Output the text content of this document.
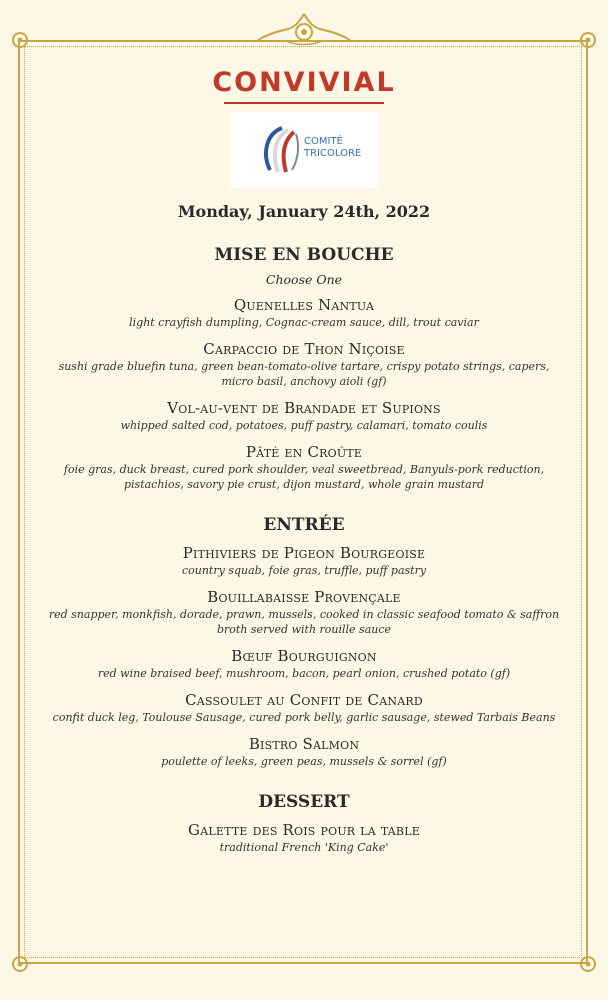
CONVIVIAL
COMITÉ
TRICOLORE
Monday, January 24th, 2022
MISE EN BOUCHE
Choose One
Quenelles Nantua
light crayfish dumpling, Cognac-cream sauce, dill, trout caviar
Carpaccio de Thon Niçoise
sushi grade bluefin tuna, green bean-tomato-olive tartare, crispy potato strings, capers, micro basil, anchovy aioli (gf)
Vol-au-vent de Brandade et Supions
whipped salted cod, potatoes, puff pastry, calamari, tomato coulis
Pâté en Croûte
foie gras, duck breast, cured pork shoulder, veal sweetbread, Banyuls-pork reduction, pistachios, savory pie crust, dijon mustard, whole grain mustard
ENTRÉE
Pithiviers de Pigeon Bourgeoise
country squab, foie gras, truffle, puff pastry
Bouillabaisse Provençale
red snapper, monkfish, dorade, prawn, mussels, cooked in classic seafood tomato & saffron broth served with rouille sauce
Bœuf Bourguignon
red wine braised beef, mushroom, bacon, pearl onion, crushed potato (gf)
Cassoulet au Confit de Canard
confit duck leg, Toulouse Sausage, cured pork belly, garlic sausage, stewed Tarbais Beans
Bistro Salmon
poulette of leeks, green peas, mussels & sorrel (gf)
DESSERT
Galette des Rois pour la table
traditional French 'King Cake'
